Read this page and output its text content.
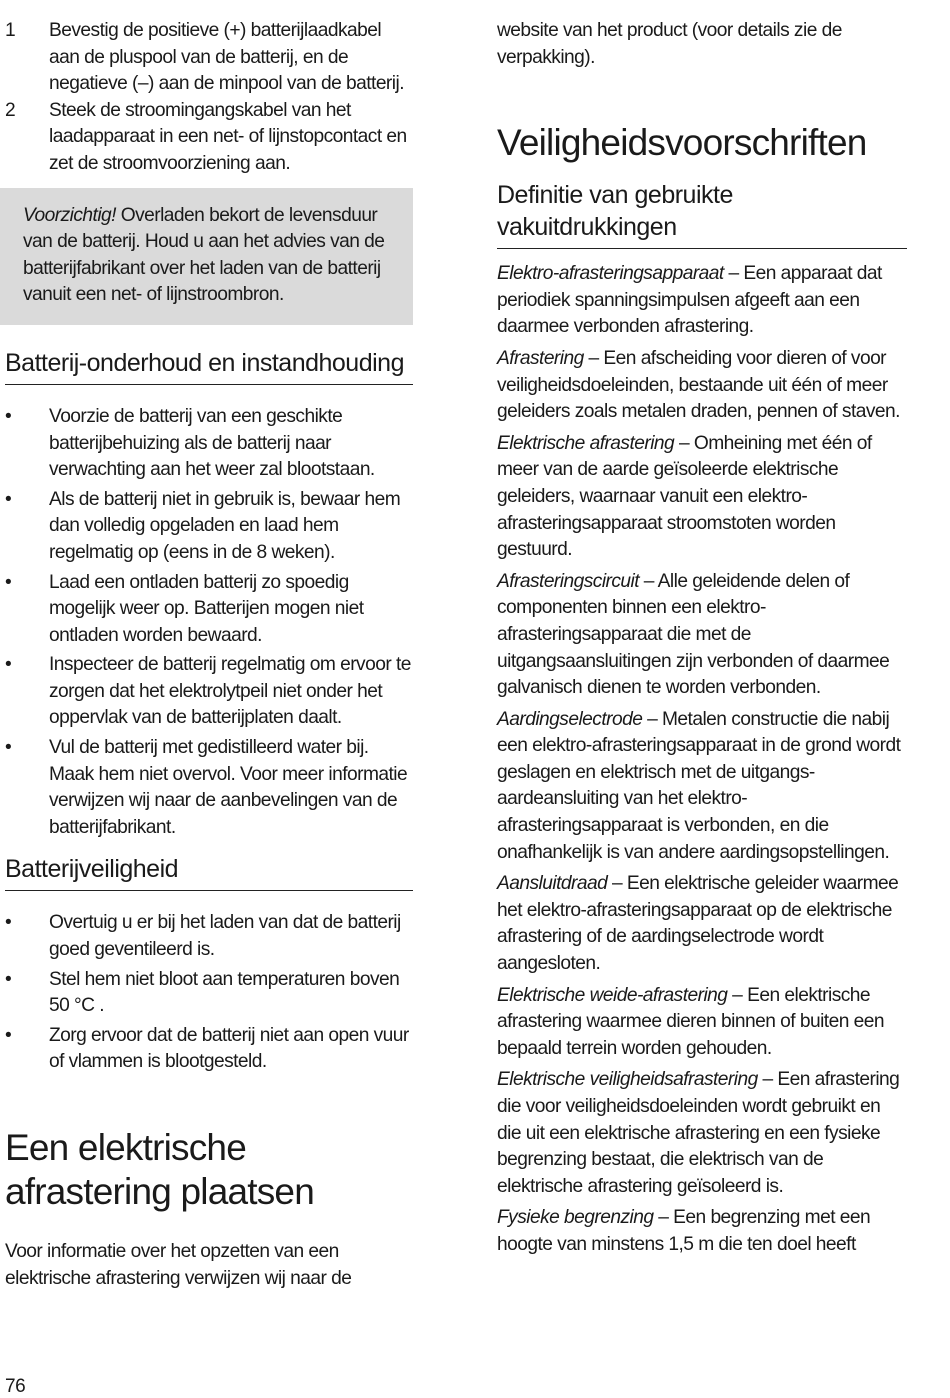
1	Bevestig de positieve (+) batterijlaadkabel aan de pluspool van de batterij, en de negatieve (–) aan de minpool van de batterij.
2	Steek de stroomingangskabel van het laadapparaat in een net- of lijnstopcontact en zet de stroomvoorziening aan.
Voorzichtig! Overladen bekort de levensduur van de batterij. Houd u aan het advies van de batterijfabrikant over het laden van de batterij vanuit een net- of lijnstroombron.
Batterij-onderhoud en instandhouding
• Voorzie de batterij van een geschikte batterijbehuizing als de batterij naar verwachting aan het weer zal blootstaan.
• Als de batterij niet in gebruik is, bewaar hem dan volledig opgeladen en laad hem regelmatig op (eens in de 8 weken).
• Laad een ontladen batterij zo spoedig mogelijk weer op. Batterijen mogen niet ontladen worden bewaard.
• Inspecteer de batterij regelmatig om ervoor te zorgen dat het elektrolytpeil niet onder het oppervlak van de batterijplaten daalt.
• Vul de batterij met gedistilleerd water bij. Maak hem niet overvol. Voor meer informatie verwijzen wij naar de aanbevelingen van de batterijfabrikant.
Batterijveiligheid
• Overtuig u er bij het laden van dat de batterij goed geventileerd is.
• Stel hem niet bloot aan temperaturen boven 50 °C .
• Zorg ervoor dat de batterij niet aan open vuur of vlammen is blootgesteld.
Een elektrische afrastering plaatsen
Voor informatie over het opzetten van een elektrische afrastering verwijzen wij naar de
website van het product (voor details zie de verpakking).
Veiligheidsvoorschriften
Definitie van gebruikte vakuitdrukkingen
Elektro-afrasteringsapparaat – Een apparaat dat periodiek spanningsimpulsen afgeeft aan een daarmee verbonden afrastering.
Afrastering – Een afscheiding voor dieren of voor veiligheidsdoeleinden, bestaande uit één of meer geleiders zoals metalen draden, pennen of staven.
Elektrische afrastering – Omheining met één of meer van de aarde geïsoleerde elektrische geleiders, waarnaar vanuit een elektro-afrasteringsapparaat stroomstoten worden gestuurd.
Afrasteringscircuit – Alle geleidende delen of componenten binnen een elektro-afrasteringsapparaat die met de uitgangsaansluitingen zijn verbonden of daarmee galvanisch dienen te worden verbonden.
Aardingselectrode – Metalen constructie die nabij een elektro-afrasteringsapparaat in de grond wordt geslagen en elektrisch met de uitgangs-aardeansluiting van het elektro-afrasteringsapparaat is verbonden, en die onafhankelijk is van andere aardingsopstellingen.
Aansluitdraad – Een elektrische geleider waarmee het elektro-afrasteringsapparaat op de elektrische afrastering of de aardingselectrode wordt aangesloten.
Elektrische weide-afrastering – Een elektrische afrastering waarmee dieren binnen of buiten een bepaald terrein worden gehouden.
Elektrische veiligheidsafrastering – Een afrastering die voor veiligheidsdoeleinden wordt gebruikt en die uit een elektrische afrastering en een fysieke begrenzing bestaat, die elektrisch van de elektrische afrastering geïsoleerd is.
Fysieke begrenzing – Een begrenzing met een hoogte van minstens 1,5 m die ten doel heeft
76
